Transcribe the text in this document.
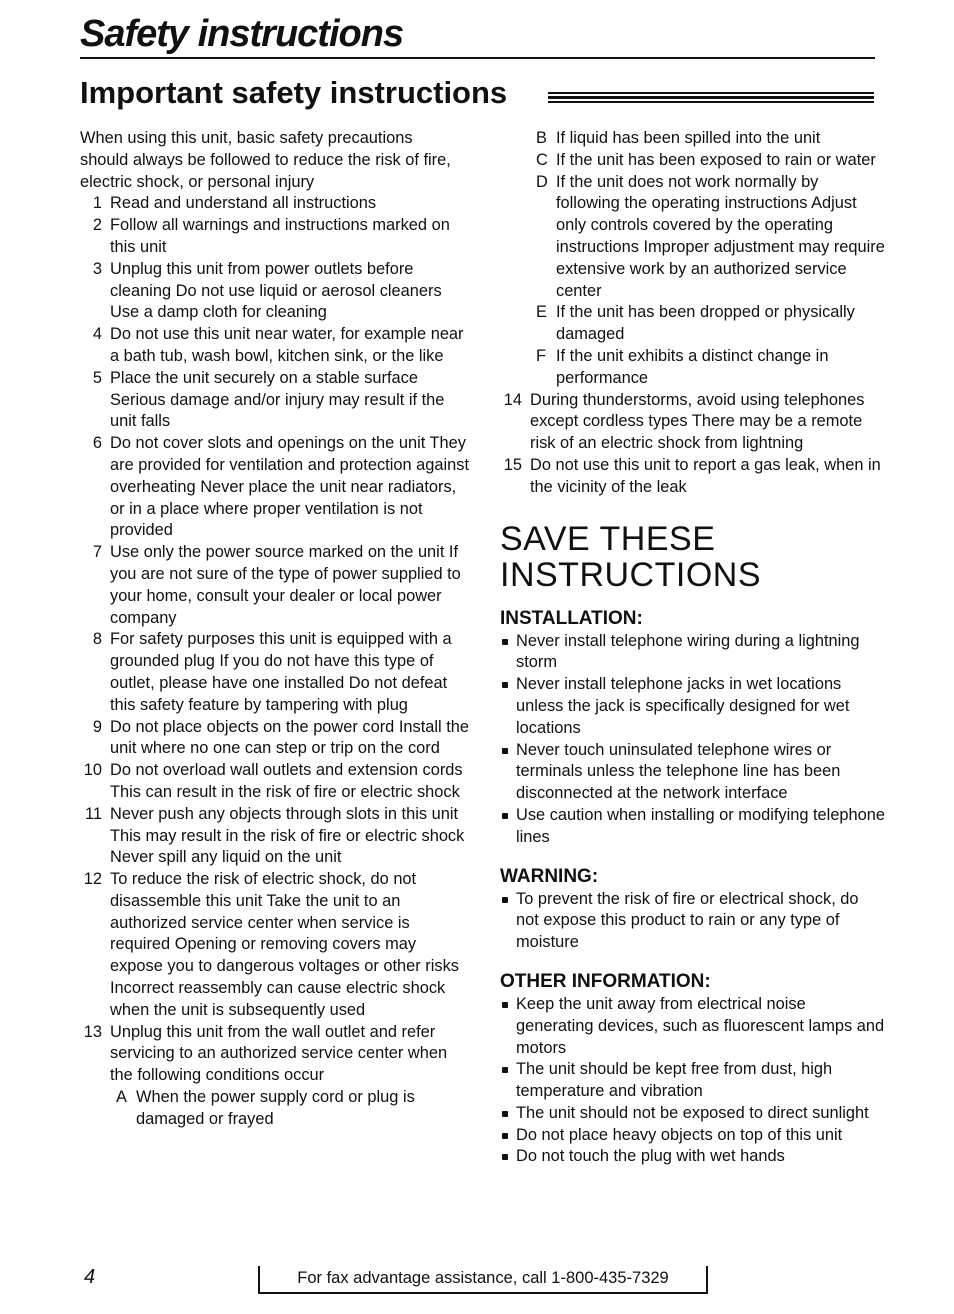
Safety instructions
Important safety instructions

When using this unit, basic safety precautions should always be followed to reduce the risk of fire, electric shock, or personal injury

1 Read and understand all instructions
2 Follow all warnings and instructions marked on this unit
3 Unplug this unit from power outlets before cleaning Do not use liquid or aerosol cleaners Use a damp cloth for cleaning
4 Do not use this unit near water, for example near a bath tub, wash bowl, kitchen sink, or the like
5 Place the unit securely on a stable surface Serious damage and/or injury may result if the unit falls
6 Do not cover slots and openings on the unit They are provided for ventilation and protection against overheating Never place the unit near radiators, or in a place where proper ventilation is not provided
7 Use only the power source marked on the unit If you are not sure of the type of power supplied to your home, consult your dealer or local power company
8 For safety purposes this unit is equipped with a grounded plug If you do not have this type of outlet, please have one installed Do not defeat this safety feature by tampering with plug
9 Do not place objects on the power cord Install the unit where no one can step or trip on the cord
10 Do not overload wall outlets and extension cords This can result in the risk of fire or electric shock
11 Never push any objects through slots in this unit This may result in the risk of fire or electric shock Never spill any liquid on the unit
12 To reduce the risk of electric shock, do not disassemble this unit Take the unit to an authorized service center when service is required Opening or removing covers may expose you to dangerous voltages or other risks Incorrect reassembly can cause electric shock when the unit is subsequently used
13 Unplug this unit from the wall outlet and refer servicing to an authorized service center when the following conditions occur
A When the power supply cord or plug is damaged or frayed
B If liquid has been spilled into the unit
C If the unit has been exposed to rain or water
D If the unit does not work normally by following the operating instructions Adjust only controls covered by the operating instructions Improper adjustment may require extensive work by an authorized service center
E If the unit has been dropped or physically damaged
F If the unit exhibits a distinct change in performance
14 During thunderstorms, avoid using telephones except cordless types There may be a remote risk of an electric shock from lightning
15 Do not use this unit to report a gas leak, when in the vicinity of the leak
SAVE THESE INSTRUCTIONS
INSTALLATION:
Never install telephone wiring during a lightning storm
Never install telephone jacks in wet locations unless the jack is specifically designed for wet locations
Never touch uninsulated telephone wires or terminals unless the telephone line has been disconnected at the network interface
Use caution when installing or modifying telephone lines
WARNING:
To prevent the risk of fire or electrical shock, do not expose this product to rain or any type of moisture
OTHER INFORMATION:
Keep the unit away from electrical noise generating devices, such as fluorescent lamps and motors
The unit should be kept free from dust, high temperature and vibration
The unit should not be exposed to direct sunlight
Do not place heavy objects on top of this unit
Do not touch the plug with wet hands

4	For fax advantage assistance, call 1-800-435-7329
